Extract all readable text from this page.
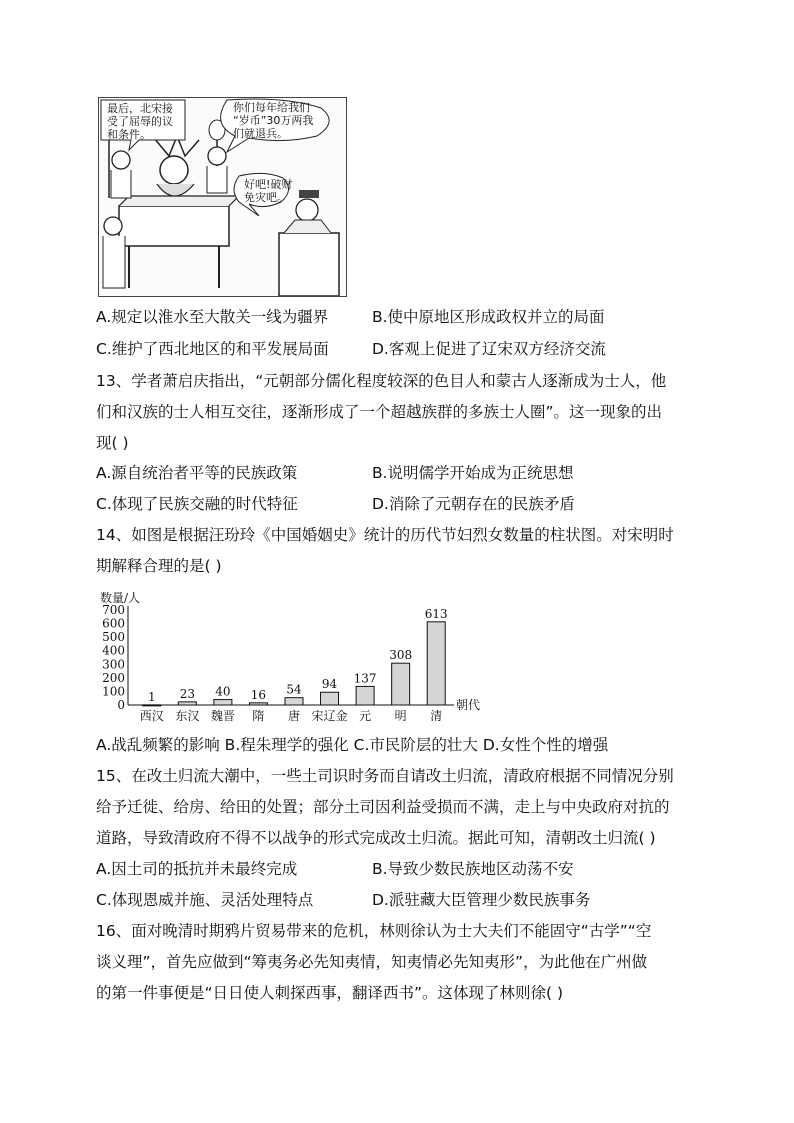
最后，北宋接
受了屈辱的议
和条件。
你们每年给我们
“岁币”30万两我
们就退兵。
好吧!破财
免灾吧。
A.规定以淮水至大散关一线为疆界	B.使中原地区形成政权并立的局面
C.维护了西北地区的和平发展局面	D.客观上促进了辽宋双方经济交流
13、学者萧启庆指出，“元朝部分儒化程度较深的色目人和蒙古人逐渐成为士人，他
们和汉族的士人相互交往，逐渐形成了一个超越族群的多族士人圈”。这一现象的出
现( )
A.源自统治者平等的民族政策	B.说明儒学开始成为正统思想
C.体现了民族交融的时代特征	D.消除了元朝存在的民族矛盾
14、如图是根据汪玢玲《中国婚姻史》统计的历代节妇烈女数量的柱状图。对宋明时
期解释合理的是( )
数量/人
0
100
200
300
400
500
600
700
1
西汉
23
东汉
40
魏晋
16
隋
54
唐
94
宋辽金
137
元
308
明
613
清
朝代
A.战乱频繁的影响 B.程朱理学的强化 C.市民阶层的壮大 D.女性个性的增强
15、在改土归流大潮中，一些土司识时务而自请改土归流，清政府根据不同情况分别
给予迁徙、给房、给田的处置；部分土司因利益受损而不满，走上与中央政府对抗的
道路，导致清政府不得不以战争的形式完成改土归流。据此可知，清朝改土归流( )
A.因土司的抵抗并未最终完成	B.导致少数民族地区动荡不安
C.体现恩威并施、灵活处理特点	D.派驻藏大臣管理少数民族事务
16、面对晚清时期鸦片贸易带来的危机，林则徐认为士大夫们不能固守“古学”“空
谈义理”，首先应做到“筹夷务必先知夷情，知夷情必先知夷形”，为此他在广州做
的第一件事便是“日日使人刺探西事，翻译西书”。这体现了林则徐( )
